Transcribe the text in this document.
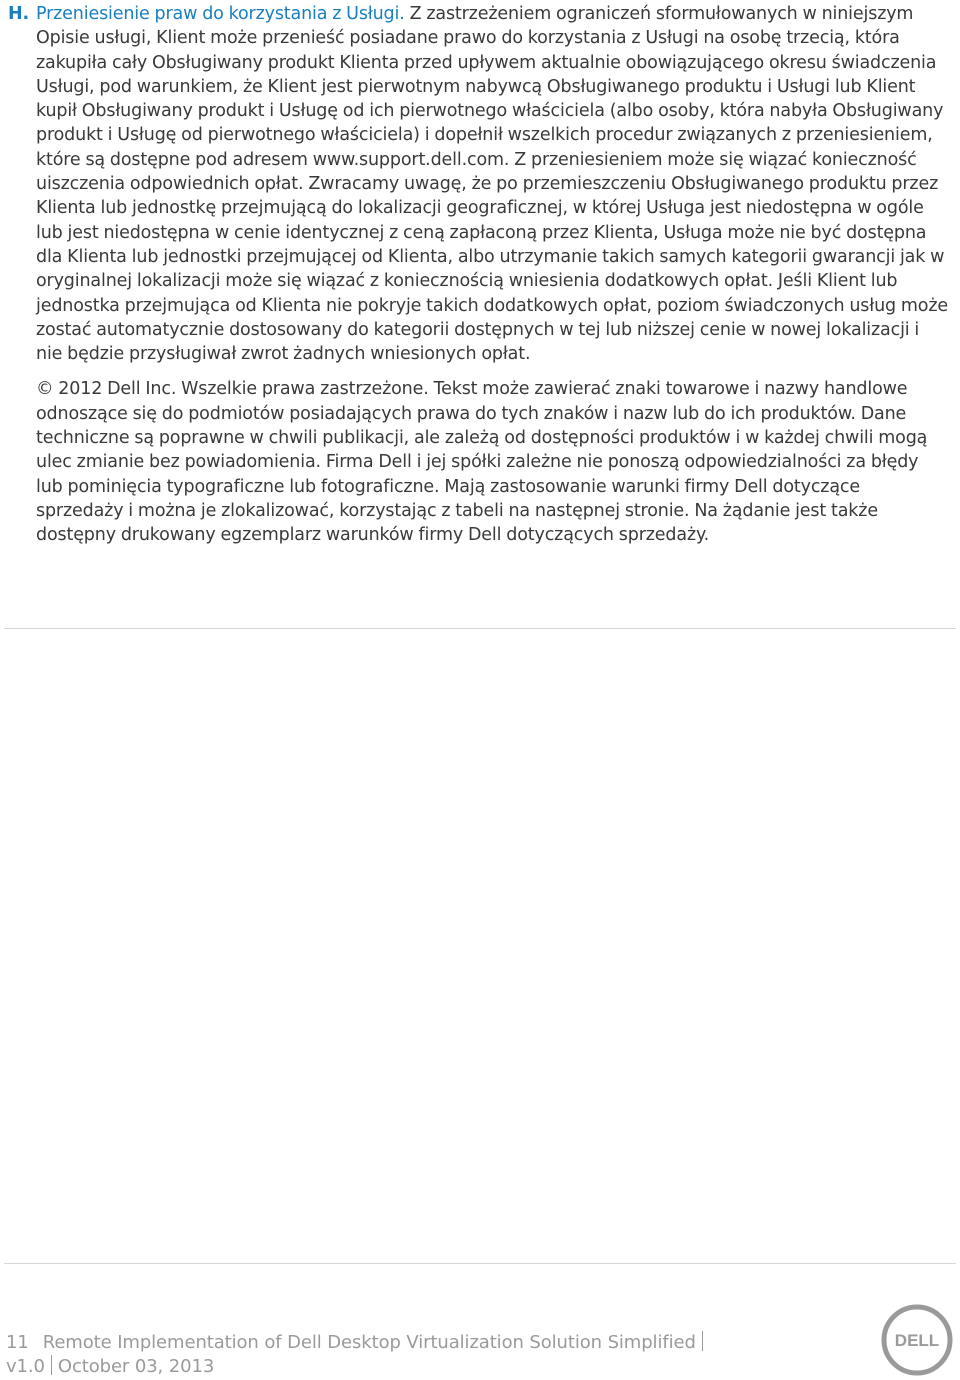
H. Przeniesienie praw do korzystania z Usługi. Z zastrzeżeniem ograniczeń sformułowanych w niniejszym Opisie usługi, Klient może przenieść posiadane prawo do korzystania z Usługi na osobę trzecią, która zakupiła cały Obsługiwany produkt Klienta przed upływem aktualnie obowiązującego okresu świadczenia Usługi, pod warunkiem, że Klient jest pierwotnym nabywcą Obsługiwanego produktu i Usługi lub Klient kupił Obsługiwany produkt i Usługę od ich pierwotnego właściciela (albo osoby, która nabyła Obsługiwany produkt i Usługę od pierwotnego właściciela) i dopełnił wszelkich procedur związanych z przeniesieniem, które są dostępne pod adresem www.support.dell.com. Z przeniesieniem może się wiązać konieczność uiszczenia odpowiednich opłat. Zwracamy uwagę, że po przemieszczeniu Obsługiwanego produktu przez Klienta lub jednostkę przejmującą do lokalizacji geograficznej, w której Usługa jest niedostępna w ogóle lub jest niedostępna w cenie identycznej z ceną zapłaconą przez Klienta, Usługa może nie być dostępna dla Klienta lub jednostki przejmującej od Klienta, albo utrzymanie takich samych kategorii gwarancji jak w oryginalnej lokalizacji może się wiązać z koniecznością wniesienia dodatkowych opłat. Jeśli Klient lub jednostka przejmująca od Klienta nie pokryje takich dodatkowych opłat, poziom świadczonych usług może zostać automatycznie dostosowany do kategorii dostępnych w tej lub niższej cenie w nowej lokalizacji i nie będzie przysługiwał zwrot żadnych wniesionych opłat.

© 2012 Dell Inc. Wszelkie prawa zastrzeżone. Tekst może zawierać znaki towarowe i nazwy handlowe odnoszące się do podmiotów posiadających prawa do tych znaków i nazw lub do ich produktów. Dane techniczne są poprawne w chwili publikacji, ale zależą od dostępności produktów i w każdej chwili mogą ulec zmianie bez powiadomienia. Firma Dell i jej spółki zależne nie ponoszą odpowiedzialności za błędy lub pominięcia typograficzne lub fotograficzne. Mają zastosowanie warunki firmy Dell dotyczące sprzedaży i można je zlokalizować, korzystając z tabeli na następnej stronie. Na żądanie jest także dostępny drukowany egzemplarz warunków firmy Dell dotyczących sprzedaży.

11 Remote Implementation of Dell Desktop Virtualization Solution Simplified
v1.0 October 03, 2013
DELL
